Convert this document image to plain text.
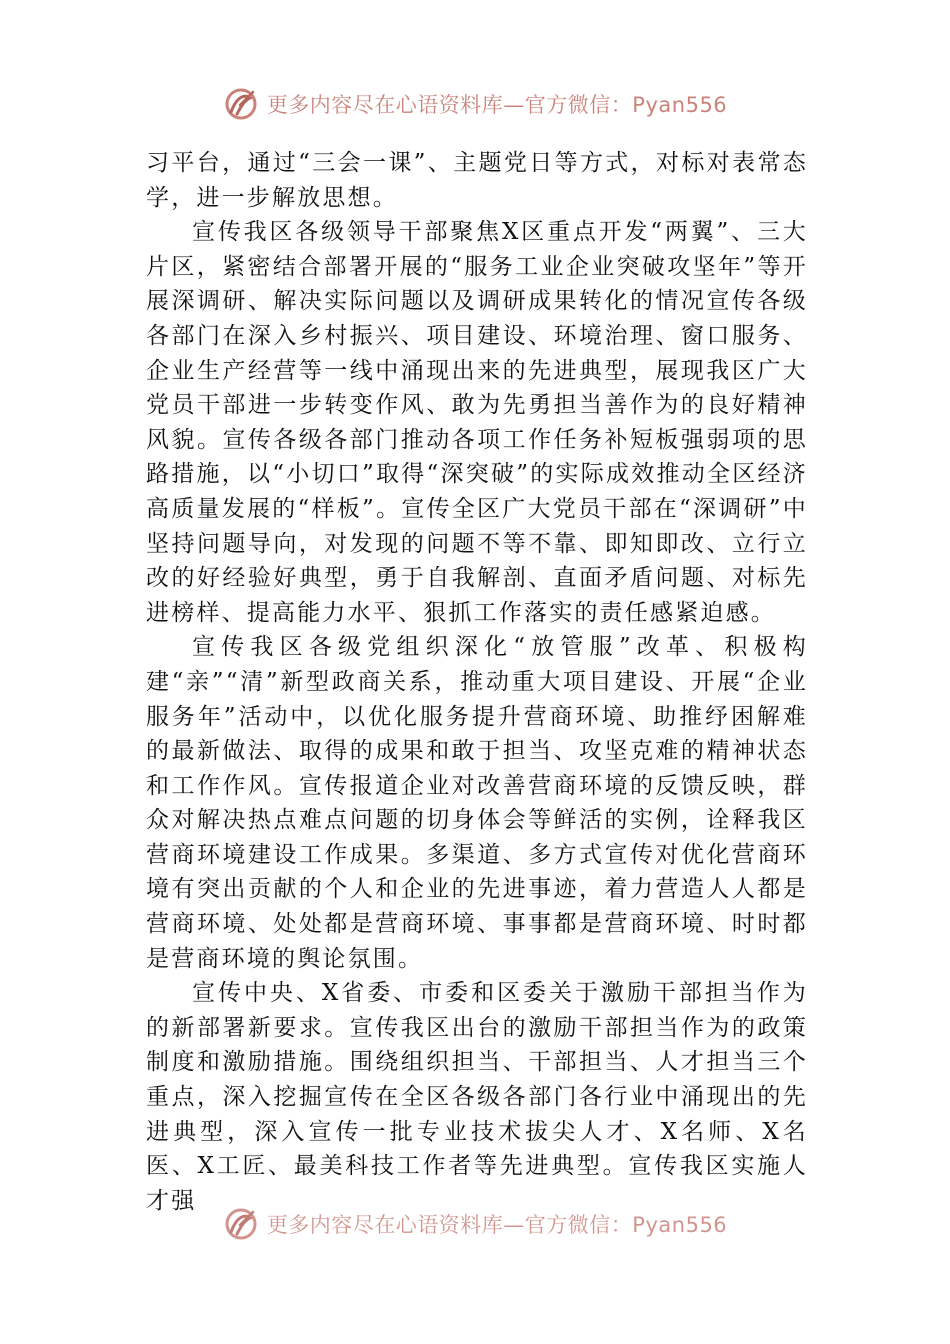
更多内容尽在心语资料库—官方微信：Pyan556

习平台，通过“三会一课”、主题党日等方式，对标对表常态学，进一步解放思想。

宣传我区各级领导干部聚焦X区重点开发“两翼”、三大片区，紧密结合部署开展的“服务工业企业突破攻坚年”等开展深调研、解决实际问题以及调研成果转化的情况宣传各级各部门在深入乡村振兴、项目建设、环境治理、窗口服务、企业生产经营等一线中涌现出来的先进典型，展现我区广大党员干部进一步转变作风、敢为先勇担当善作为的良好精神风貌。宣传各级各部门推动各项工作任务补短板强弱项的思路措施，以“小切口”取得“深突破”的实际成效推动全区经济高质量发展的“样板”。宣传全区广大党员干部在“深调研”中坚持问题导向，对发现的问题不等不靠、即知即改、立行立改的好经验好典型，勇于自我解剖、直面矛盾问题、对标先进榜样、提高能力水平、狠抓工作落实的责任感紧迫感。

宣传我区各级党组织深化“放管服”改革、积极构建“亲”“清”新型政商关系，推动重大项目建设、开展“企业服务年”活动中，以优化服务提升营商环境、助推纾困解难的最新做法、取得的成果和敢于担当、攻坚克难的精神状态和工作作风。宣传报道企业对改善营商环境的反馈反映，群众对解决热点难点问题的切身体会等鲜活的实例，诠释我区营商环境建设工作成果。多渠道、多方式宣传对优化营商环境有突出贡献的个人和企业的先进事迹，着力营造人人都是营商环境、处处都是营商环境、事事都是营商环境、时时都是营商环境的舆论氛围。

宣传中央、X省委、市委和区委关于激励干部担当作为的新部署新要求。宣传我区出台的激励干部担当作为的政策制度和激励措施。围绕组织担当、干部担当、人才担当三个重点，深入挖掘宣传在全区各级各部门各行业中涌现出的先进典型，深入宣传一批专业技术拔尖人才、X名师、X名医、X工匠、最美科技工作者等先进典型。宣传我区实施人才强

更多内容尽在心语资料库—官方微信：Pyan556
